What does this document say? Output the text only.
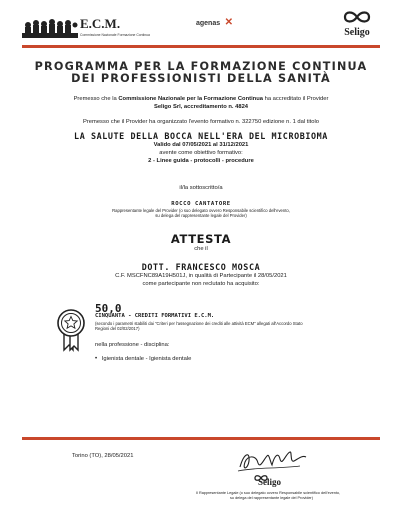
E.C.M.
Commissione Nazionale Formazione Continua
agenas ✕
Seligo
PROGRAMMA PER LA FORMAZIONE CONTINUA
DEI PROFESSIONISTI DELLA SANITÀ
Premesso che la Commissione Nazionale per la Formazione Continua ha accreditato il Provider
Seligo Srl, accreditamento n. 4824
Premesso che il Provider ha organizzato l'evento formativo n. 322750 edizione n. 1 dal titolo
LA SALUTE DELLA BOCCA NELL'ERA DEL MICROBIOMA
Valido dal 07/05/2021 al 31/12/2021
avente come obiettivo formativo:
2 - Linee guida - protocolli - procedure
il/la sottoscritto/a
ROCCO CANTATORE
Rappresentante legale del Provider (o suo delegato ovvero Responsabile scientifico dell'evento,
su delega del rappresentante legale del Provider)
ATTESTA
che il
DOTT. FRANCESCO MOSCA
C.F. MSCFNC89A19H501J, in qualità di Partecipante il 28/05/2021
come partecipante non reclutato ha acquisito:
50,0
CINQUANTA - CREDITI FORMATIVI E.C.M.
(secondo i parametri stabiliti dai "Criteri per l'assegnazione dei crediti alle attività ECM" allegati all'Accordo Stato
Regioni del 02/02/2017)
nella professione - disciplina:
• Igienista dentale - Igienista dentale
Torino (TO), 28/05/2021
Seligo
Il Rappresentante Legale (o suo delegato ovvero Responsabile scientifico dell'evento,
su delega del rappresentante legale del Provider)
